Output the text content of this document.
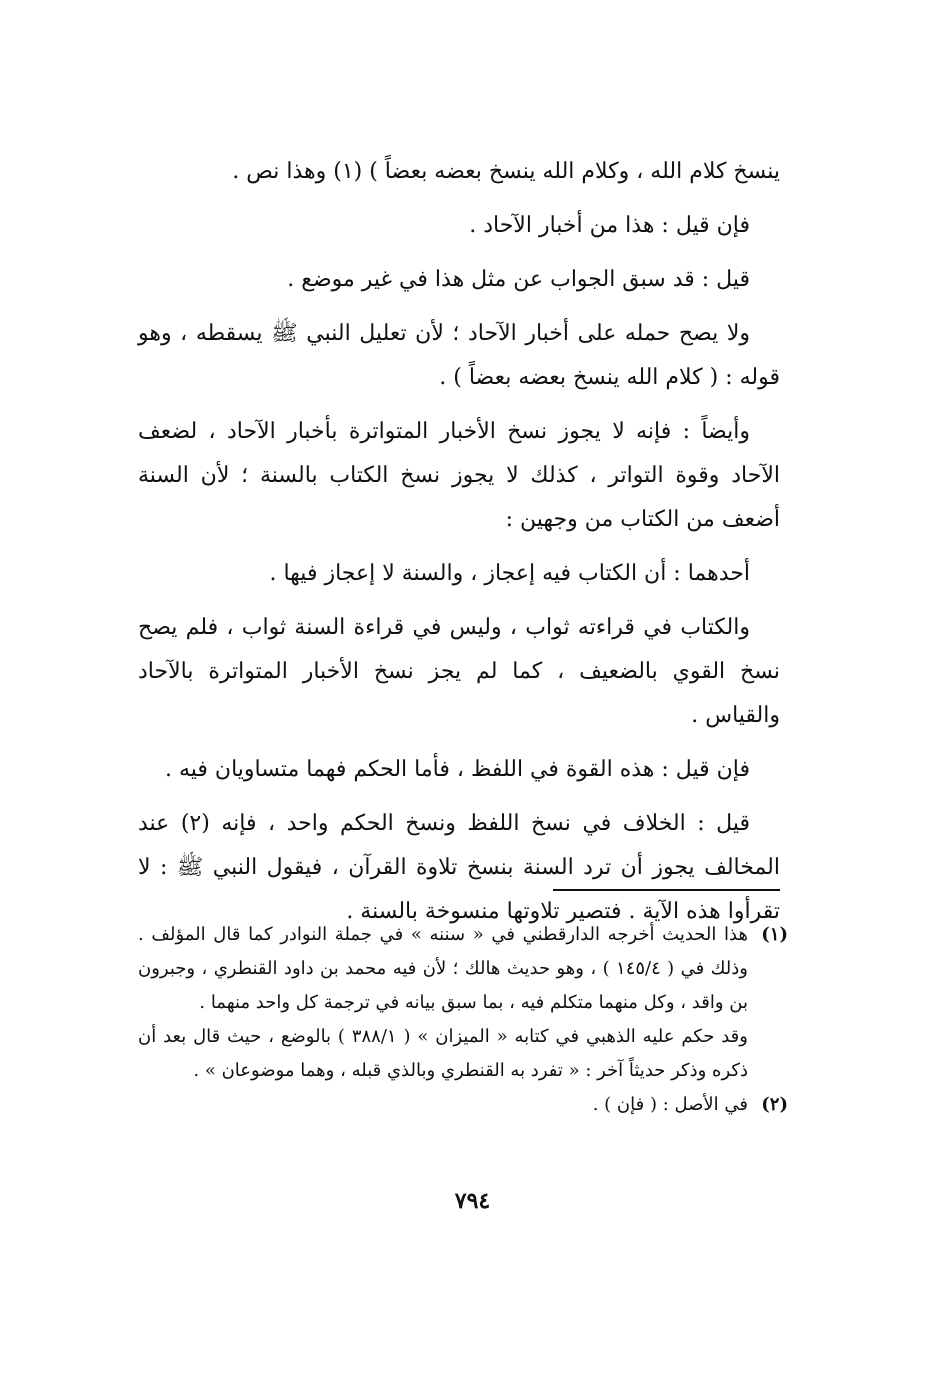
ينسخ كلام الله ، وكلام الله ينسخ بعضه بعضاً ) (١) وهذا نص .

فإن قيل : هذا من أخبار الآحاد .

قيل : قد سبق الجواب عن مثل هذا في غير موضع .

ولا يصح حمله على أخبار الآحاد ؛ لأن تعليل النبي ﷺ يسقطه ، وهو قوله : ( كلام الله ينسخ بعضه بعضاً ) .

وأيضاً : فإنه لا يجوز نسخ الأخبار المتواترة بأخبار الآحاد ، لضعف الآحاد وقوة التواتر ، كذلك لا يجوز نسخ الكتاب بالسنة ؛ لأن السنة أضعف من الكتاب من وجهين :

أحدهما : أن الكتاب فيه إعجاز ، والسنة لا إعجاز فيها .

والكتاب في قراءته ثواب ، وليس في قراءة السنة ثواب ، فلم يصح نسخ القوي بالضعيف ، كما لم يجز نسخ الأخبار المتواترة بالآحاد والقياس .

فإن قيل : هذه القوة في اللفظ ، فأما الحكم فهما متساويان فيه .

قيل : الخلاف في نسخ اللفظ ونسخ الحكم واحد ، فإنه (٢) عند المخالف يجوز أن ترد السنة بنسخ تلاوة القرآن ، فيقول النبي ﷺ : لا تقرأوا هذه الآية . فتصير تلاوتها منسوخة بالسنة .

(١)

هذا الحديث أخرجه الدارقطني في « سننه » في جملة النوادر كما قال المؤلف . وذلك في ( ١٤٥/٤ ) ، وهو حديث هالك ؛ لأن فيه محمد بن داود القنطري ، وجبرون بن واقد ، وكل منهما متكلم فيه ، بما سبق بيانه في ترجمة كل واحد منهما .

وقد حكم عليه الذهبي في كتابه « الميزان » ( ٣٨٨/١ ) بالوضع ، حيث قال بعد أن ذكره وذكر حديثاً آخر : « تفرد به القنطري وبالذي قبله ، وهما موضوعان » .

(٢)

في الأصل : ( فإن ) .

٧٩٤
